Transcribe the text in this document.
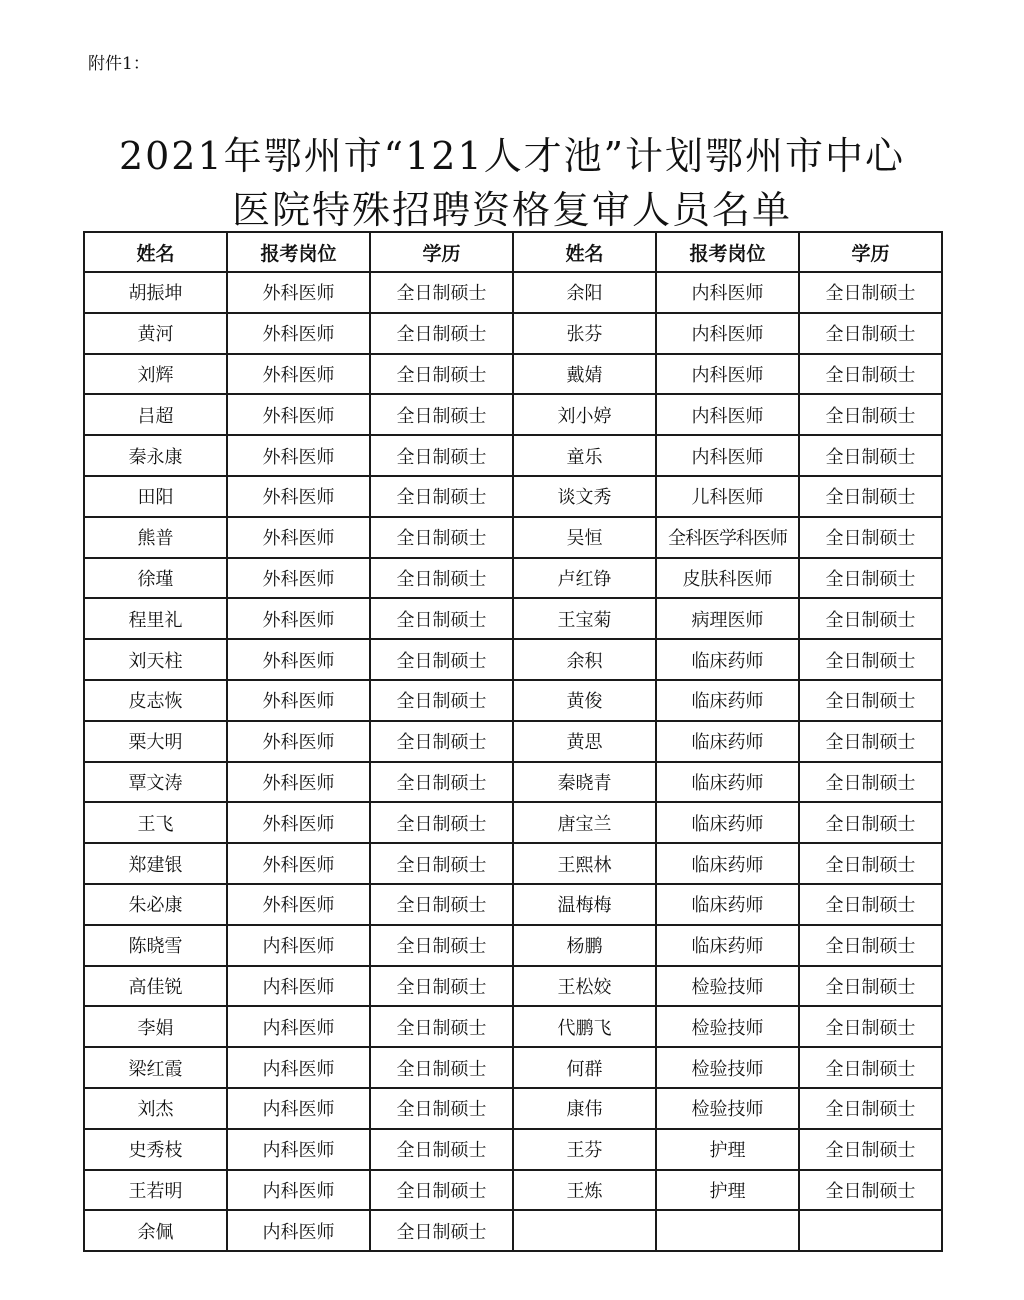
附件1：
2021年鄂州市“121人才池”计划鄂州市中心
医院特殊招聘资格复审人员名单
姓名	报考岗位	学历	姓名	报考岗位	学历
胡振坤	外科医师	全日制硕士	余阳	内科医师	全日制硕士
黄河	外科医师	全日制硕士	张芬	内科医师	全日制硕士
刘辉	外科医师	全日制硕士	戴婧	内科医师	全日制硕士
吕超	外科医师	全日制硕士	刘小婷	内科医师	全日制硕士
秦永康	外科医师	全日制硕士	童乐	内科医师	全日制硕士
田阳	外科医师	全日制硕士	谈文秀	儿科医师	全日制硕士
熊普	外科医师	全日制硕士	吴恒	全科医学科医师	全日制硕士
徐瑾	外科医师	全日制硕士	卢红铮	皮肤科医师	全日制硕士
程里礼	外科医师	全日制硕士	王宝菊	病理医师	全日制硕士
刘天柱	外科医师	全日制硕士	余积	临床药师	全日制硕士
皮志恢	外科医师	全日制硕士	黄俊	临床药师	全日制硕士
栗大明	外科医师	全日制硕士	黄思	临床药师	全日制硕士
覃文涛	外科医师	全日制硕士	秦晓青	临床药师	全日制硕士
王飞	外科医师	全日制硕士	唐宝兰	临床药师	全日制硕士
郑建银	外科医师	全日制硕士	王熙林	临床药师	全日制硕士
朱必康	外科医师	全日制硕士	温梅梅	临床药师	全日制硕士
陈晓雪	内科医师	全日制硕士	杨鹏	临床药师	全日制硕士
高佳锐	内科医师	全日制硕士	王松姣	检验技师	全日制硕士
李娟	内科医师	全日制硕士	代鹏飞	检验技师	全日制硕士
梁红霞	内科医师	全日制硕士	何群	检验技师	全日制硕士
刘杰	内科医师	全日制硕士	康伟	检验技师	全日制硕士
史秀枝	内科医师	全日制硕士	王芬	护理	全日制硕士
王若明	内科医师	全日制硕士	王炼	护理	全日制硕士
余佩	内科医师	全日制硕士			
